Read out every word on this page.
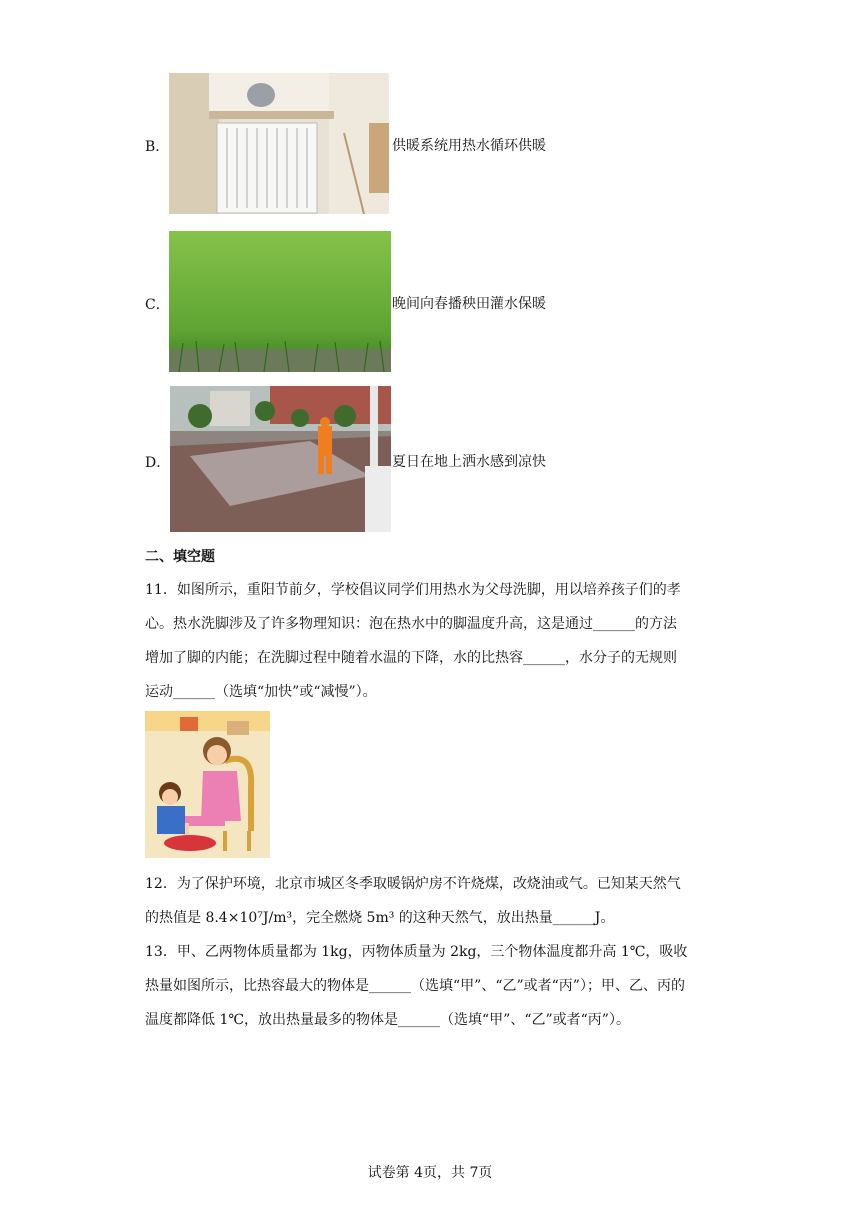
B．	供暖系统用热水循环供暖
C．	晚间向春播秧田灌水保暖
D．	夏日在地上洒水感到凉快
二、填空题
11．如图所示，重阳节前夕，学校倡议同学们用热水为父母洗脚，用以培养孩子们的孝
心。热水洗脚涉及了许多物理知识：泡在热水中的脚温度升高，这是通过______的方法
增加了脚的内能；在洗脚过程中随着水温的下降，水的比热容______，水分子的无规则
运动______（选填“加快”或“减慢”）。
12．为了保护环境，北京市城区冬季取暖锅炉房不许烧煤，改烧油或气。已知某天然气
的热值是 8.4×10⁷J/m³，完全燃烧 5m³ 的这种天然气，放出热量______J。
13．甲、乙两物体质量都为 1kg，丙物体质量为 2kg，三个物体温度都升高 1℃，吸收
热量如图所示，比热容最大的物体是______（选填“甲”、“乙”或者“丙”）；甲、乙、丙的
温度都降低 1℃，放出热量最多的物体是______（选填“甲”、“乙”或者“丙”）。
试卷第 4页，共 7页
